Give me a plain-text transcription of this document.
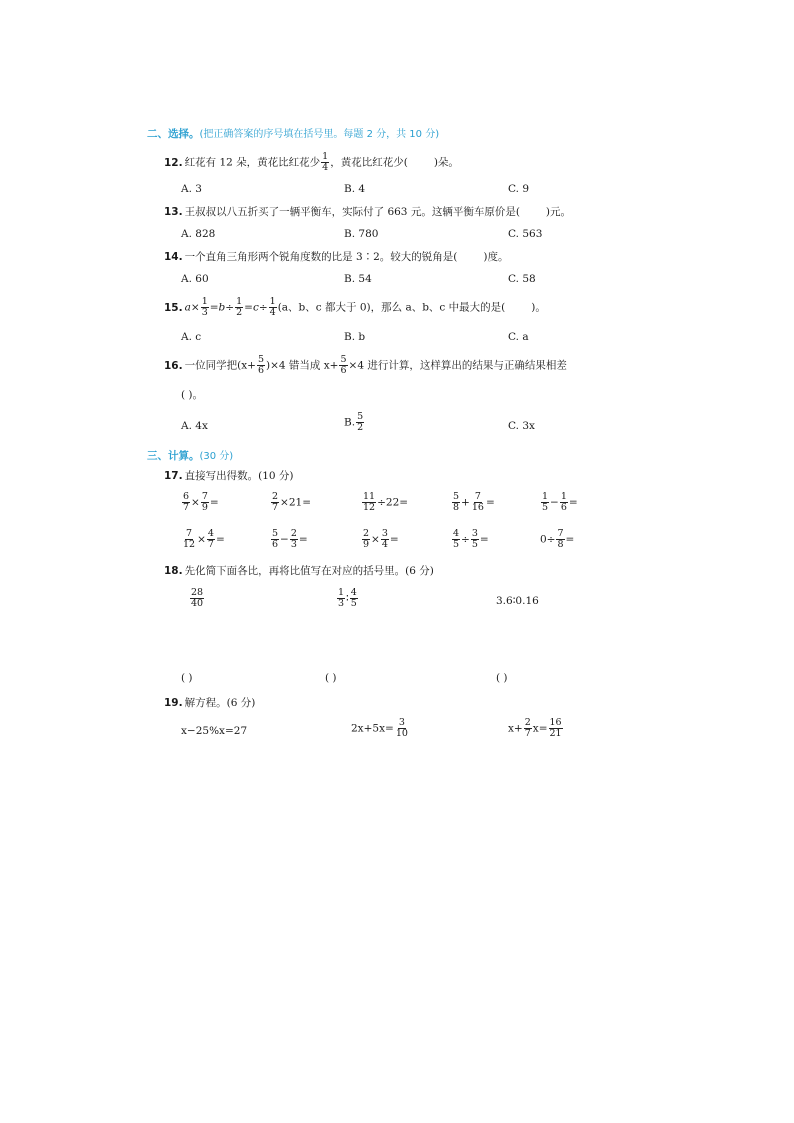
二、选择。(把正确答案的序号填在括号里。每题 2 分，共 10 分)
12. 红花有 12 朵，黄花比红花少 $\frac{1}{4}$ ，黄花比红花少( )朵。
A. 3	B. 4	C. 9
13. 王叔叔以八五折买了一辆平衡车，实际付了 663 元。这辆平衡车原价是( )元。
A. 828	B. 780	C. 563
14. 一个直角三角形两个锐角度数的比是 3∶2。较大的锐角是( )度。
A. 60	B. 54	C. 58
15. $a\times \frac{1}{3} =b\div \frac{1}{2} =c\div \frac{1}{4} (a$、b、c 都大于 0)，那么 a、b、c 中最大的是( )。
A. c	B. b	C. a
16. 一位同学把$(x+ \frac{5}{6} )\times 4$ 错当成 $x+ \frac{5}{6} \times 4$ 进行计算，这样算出的结果与正确结果相差
( )。
A. 4x	B. $\frac{5}{2}$	C. 3x
三、计算。(30 分)
17. 直接写出得数。(10 分)
$\frac{6}{7} \times \frac{7}{9}$ =	$\frac{2}{7} \times 21=$	$\frac{11}{12} \div 22=$	$\frac{5}{8} + \frac{7}{16}$ =	$\frac{1}{5} - \frac{1}{6}$ =
$\frac{7}{12} \times \frac{4}{7}$ =	$\frac{5}{6} - \frac{2}{3}$ =	$\frac{2}{9} \times \frac{3}{4}$ =	$\frac{4}{5} \div \frac{3}{5}$ =	$0\div \frac{7}{8}$ =
18. 先化简下面各比，再将比值写在对应的括号里。(6 分)
$\frac{28}{40}$	$\frac{1}{3}$ ∶ $\frac{4}{5}$	3.6∶0.16
( )	( )	( )
19. 解方程。(6 分)
x−25%x=27	$2x+5x= \frac{3}{10}$	$x+ \frac{2}{7} x= \frac{16}{21}$
